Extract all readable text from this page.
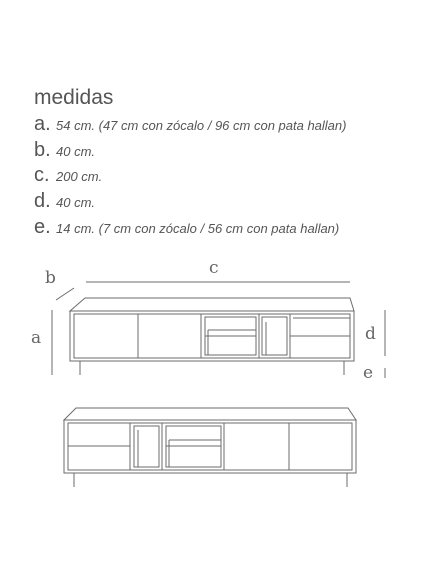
medidas
a. 54 cm. (47 cm con zócalo / 96 cm con pata hallan)
b. 40 cm.
c. 200 cm.
d. 40 cm.
e. 14 cm. (7 cm con zócalo / 56 cm con pata hallan)
c
b
a	d
e
